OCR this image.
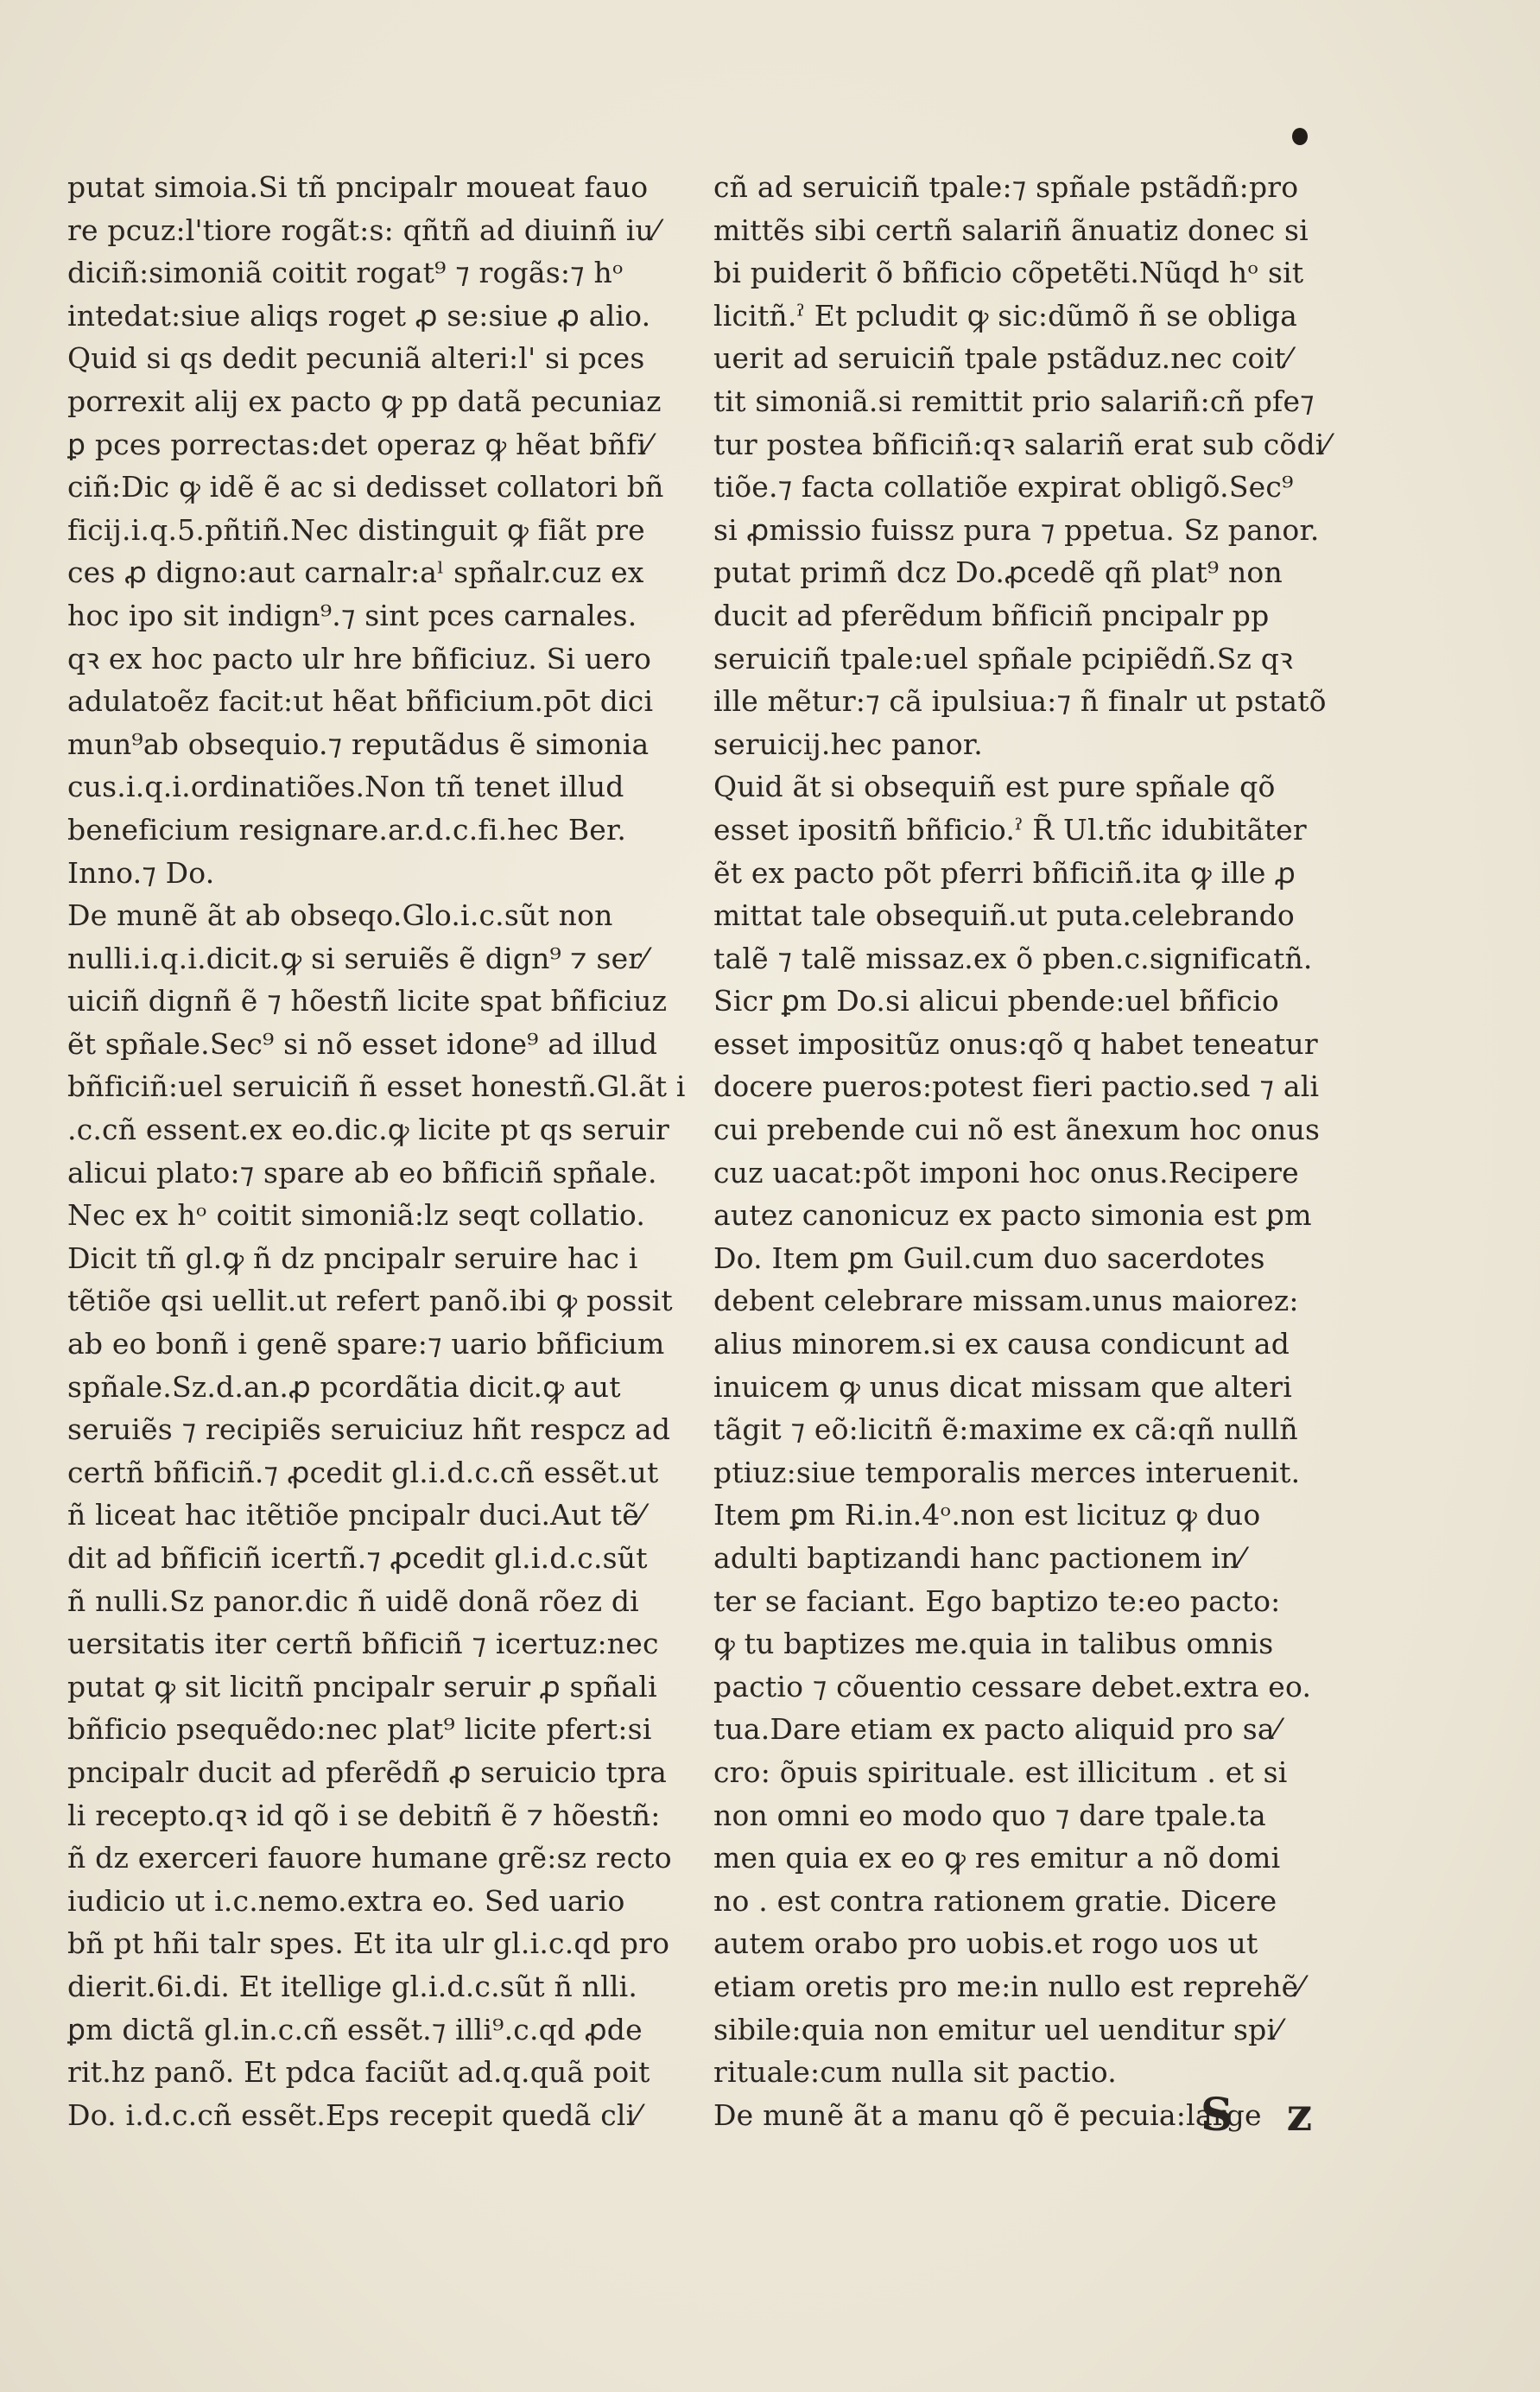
putat simoia.Si tñ pncipalr moueat fauo
re pcuz:l'tiore rogãt:s: qñtñ ad diuinñ iu⁄
diciñ:simoniã coitit rogat⁹ ⁊ rogãs:⁊ hᵒ
intedat:siue aliqs roget ꝓ se:siue ꝓ alio.
Quid si qs dedit pecuniã alteri:l' si pces
porrexit alij ex pacto ꝙ pp datã pecuniaz
ꝑ pces porrectas:det operaz ꝙ hẽat bñfi⁄
ciñ:Dic ꝙ idẽ ẽ ac si dedisset collatori bñ
ficij.i.q.5.pñtiñ.Nec distinguit ꝙ fiãt pre
ces ꝓ digno:aut carnalr:aˡ spñalr.cuz ex
hoc ipo sit indign⁹.⁊ sint pces carnales.
qꝛ ex hoc pacto ulr hre bñficiuz. Si uero
adulatoẽz facit:ut hẽat bñficium.pōt dici
mun⁹ab obsequio.⁊ reputãdus ẽ simonia
cus.i.q.i.ordinatiões.Non tñ tenet illud
beneficium resignare.ar.d.c.fi.hec Ber.
Inno.⁊ Do.
De munẽ ãt ab obseqo.Glo.i.c.sũt non
nulli.i.q.i.dicit.ꝙ si seruiẽs ẽ dign⁹ ⁊ ser⁄
uiciñ dignñ ẽ ⁊ hõestñ licite spat bñficiuz
ẽt spñale.Sec⁹ si nõ esset idone⁹ ad illud
bñficiñ:uel seruiciñ ñ esset honestñ.Gl.ãt i
.c.cñ essent.ex eo.dic.ꝙ licite pt qs seruir
alicui plato:⁊ spare ab eo bñficiñ spñale.
Nec ex hᵒ coitit simoniã:lz seqt collatio.
Dicit tñ gl.ꝙ ñ dz pncipalr seruire hac i
tẽtiõe qsi uellit.ut refert panõ.ibi ꝙ possit
ab eo bonñ i genẽ spare:⁊ uario bñficium
spñale.Sz.d.an.ꝓ pcordãtia dicit.ꝙ aut
seruiẽs ⁊ recipiẽs seruiciuz hñt respcz ad
certñ bñficiñ.⁊ ꝓcedit gl.i.d.c.cñ essẽt.ut
ñ liceat hac itẽtiõe pncipalr duci.Aut tẽ⁄
dit ad bñficiñ icertñ.⁊ ꝓcedit gl.i.d.c.sũt
ñ nulli.Sz panor.dic ñ uidẽ donã rõez di
uersitatis iter certñ bñficiñ ⁊ icertuz:nec
putat ꝙ sit licitñ pncipalr seruir ꝓ spñali
bñficio psequẽdo:nec plat⁹ licite pfert:si
pncipalr ducit ad pferẽdñ ꝓ seruicio tpra
li recepto.qꝛ id qõ i se debitñ ẽ ⁊ hõestñ:
ñ dz exerceri fauore humane grẽ:sz recto
iudicio ut i.c.nemo.extra eo. Sed uario
bñ pt hñi talr spes. Et ita ulr gl.i.c.qd pro
dierit.6i.di. Et itellige gl.i.d.c.sũt ñ nlli.
ꝑm dictã gl.in.c.cñ essẽt.⁊ illi⁹.c.qd ꝓde
rit.hz panõ. Et pdca faciũt ad.q.quã poit
Do. i.d.c.cñ essẽt.Eps recepit quedã cli⁄
cñ ad seruiciñ tpale:⁊ spñale pstãdñ:pro
mittẽs sibi certñ salariñ ãnuatiz donec si
bi puiderit õ bñficio cõpetẽti.Nũqd hᵒ sit
licitñ.ˀ Et pcludit ꝙ sic:dũmõ ñ se obliga
uerit ad seruiciñ tpale pstãduz.nec coit⁄
tit simoniã.si remittit prio salariñ:cñ pfe⁊
tur postea bñficiñ:qꝛ salariñ erat sub cõdi⁄
tiõe.⁊ facta collatiõe expirat obligõ.Sec⁹
si ꝓmissio fuissz pura ⁊ ppetua. Sz panor.
putat primñ dcz Do.ꝓcedẽ qñ plat⁹ non
ducit ad pferẽdum bñficiñ pncipalr pp
seruiciñ tpale:uel spñale pcipiẽdñ.Sz qꝛ
ille mẽtur:⁊ cã ipulsiua:⁊ ñ finalr ut pstatõ
seruicij.hec panor.
Quid ãt si obsequiñ est pure spñale qõ
esset ipositñ bñficio.ˀ R̃ Ul.tñc idubitãter
ẽt ex pacto põt pferri bñficiñ.ita ꝙ ille ꝓ
mittat tale obsequiñ.ut puta.celebrando
talẽ ⁊ talẽ missaz.ex õ pben.c.significatñ.
Sicr ꝑm Do.si alicui pbende:uel bñficio
esset impositũz onus:qõ q habet teneatur
docere pueros:potest fieri pactio.sed ⁊ ali
cui prebende cui nõ est ãnexum hoc onus
cuz uacat:põt imponi hoc onus.Recipere
autez canonicuz ex pacto simonia est ꝑm
Do. Item ꝑm Guil.cum duo sacerdotes
debent celebrare missam.unus maiorez:
alius minorem.si ex causa condicunt ad
inuicem ꝙ unus dicat missam que alteri
tãgit ⁊ eõ:licitñ ẽ:maxime ex cã:qñ nullñ
ptiuz:siue temporalis merces interuenit.
Item ꝑm Ri.in.4ᵒ.non est licituz ꝙ duo
adulti baptizandi hanc pactionem in⁄
ter se faciant. Ego baptizo te:eo pacto:
ꝙ tu baptizes me.quia in talibus omnis
pactio ⁊ cõuentio cessare debet.extra eo.
tua.Dare etiam ex pacto aliquid pro sa⁄
cro: õpuis spirituale. est illicitum . et si
non omni eo modo quo ⁊ dare tpale.ta
men quia ex eo ꝙ res emitur a nõ domi
no . est contra rationem gratie. Dicere
autem orabo pro uobis.et rogo uos ut
etiam oretis pro me:in nullo est reprehẽ⁄
sibile:quia non emitur uel uenditur spi⁄
rituale:cum nulla sit pactio.
De munẽ ãt a manu qõ ẽ pecuia:large
S z
